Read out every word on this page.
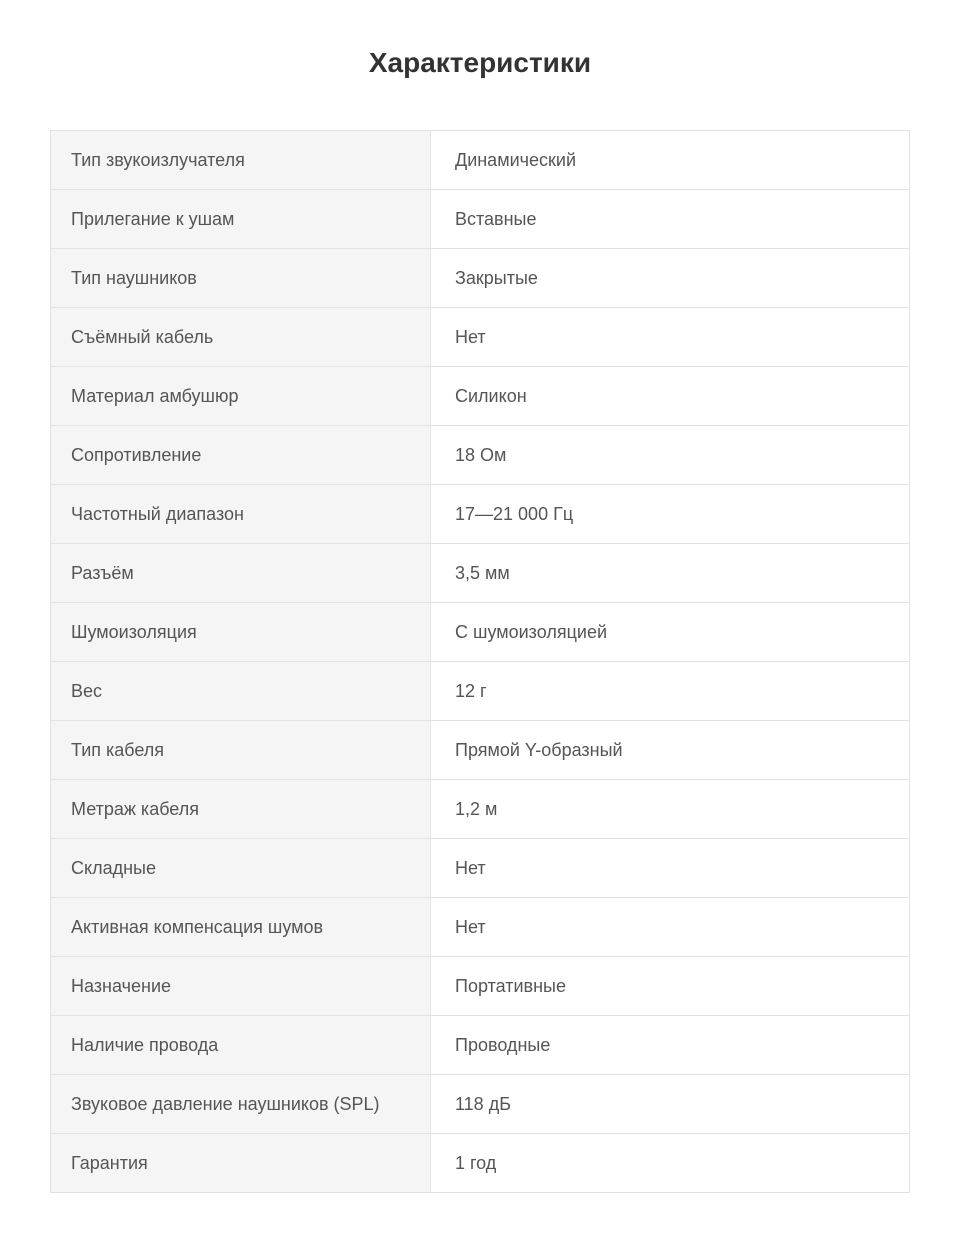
Характеристики
Тип звукоизлучателя	Динамический
Прилегание к ушам	Вставные
Тип наушников	Закрытые
Съёмный кабель	Нет
Материал амбушюр	Силикон
Сопротивление	18 Ом
Частотный диапазон	17—21 000 Гц
Разъём	3,5 мм
Шумоизоляция	С шумоизоляцией
Вес	12 г
Тип кабеля	Прямой Y-образный
Метраж кабеля	1,2 м
Складные	Нет
Активная компенсация шумов	Нет
Назначение	Портативные
Наличие провода	Проводные
Звуковое давление наушников (SPL)	118 дБ
Гарантия	1 год
